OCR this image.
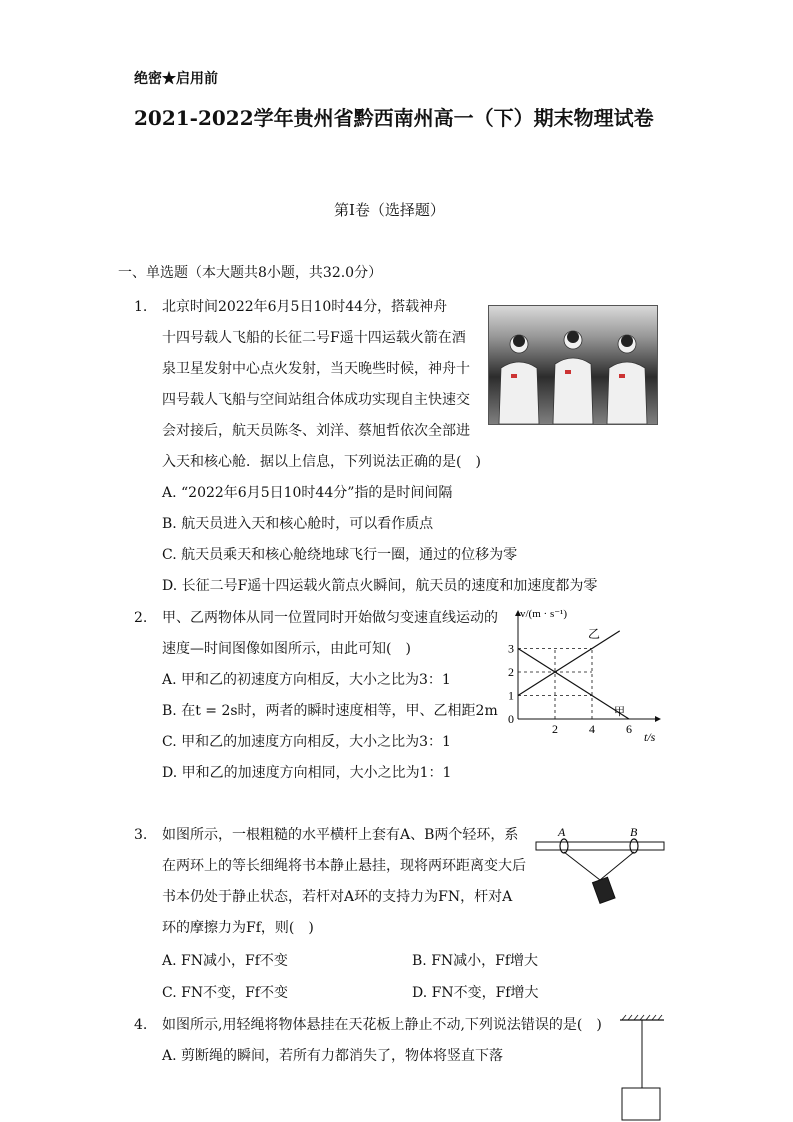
绝密★启用前
2021-2022学年贵州省黔西南州高一（下）期末物理试卷
第I卷（选择题）
一、单选题（本大题共8小题，共32.0分）
1. 北京时间2022年6月5日10时44分，搭载神舟
十四号载人飞船的长征二号F遥十四运载火箭在酒
泉卫星发射中心点火发射，当天晚些时候，神舟十
四号载人飞船与空间站组合体成功实现自主快速交
会对接后，航天员陈冬、刘洋、蔡旭哲依次全部进
入天和核心舱．据以上信息，下列说法正确的是(　)
A. “2022年6月5日10时44分”指的是时间间隔
B. 航天员进入天和核心舱时，可以看作质点
C. 航天员乘天和核心舱绕地球飞行一圈，通过的位移为零
D. 长征二号F遥十四运载火箭点火瞬间，航天员的速度和加速度都为零
2. 甲、乙两物体从同一位置同时开始做匀变速直线运动的
速度—时间图像如图所示，由此可知(　)
A. 甲和乙的初速度方向相反，大小之比为3：1
B. 在t = 2s时，两者的瞬时速度相等，甲、乙相距2m
C. 甲和乙的加速度方向相反，大小之比为3：1
D. 甲和乙的加速度方向相同，大小之比为1：1
v/(m · s⁻¹)
t/s
0
1
2
3
2	4	6
乙
甲
3. 如图所示，一根粗糙的水平横杆上套有A、B两个轻环，系
在两环上的等长细绳将书本静止悬挂，现将两环距离变大后
书本仍处于静止状态，若杆对A环的支持力为FN，杆对A
环的摩擦力为Ff，则(　)
A. FN减小，Ff不变	B. FN减小，Ff增大
C. FN不变，Ff不变	D. FN不变，Ff增大
A	B
4. 如图所示,用轻绳将物体悬挂在天花板上静止不动,下列说法错误的是(　)
A. 剪断绳的瞬间，若所有力都消失了，物体将竖直下落
